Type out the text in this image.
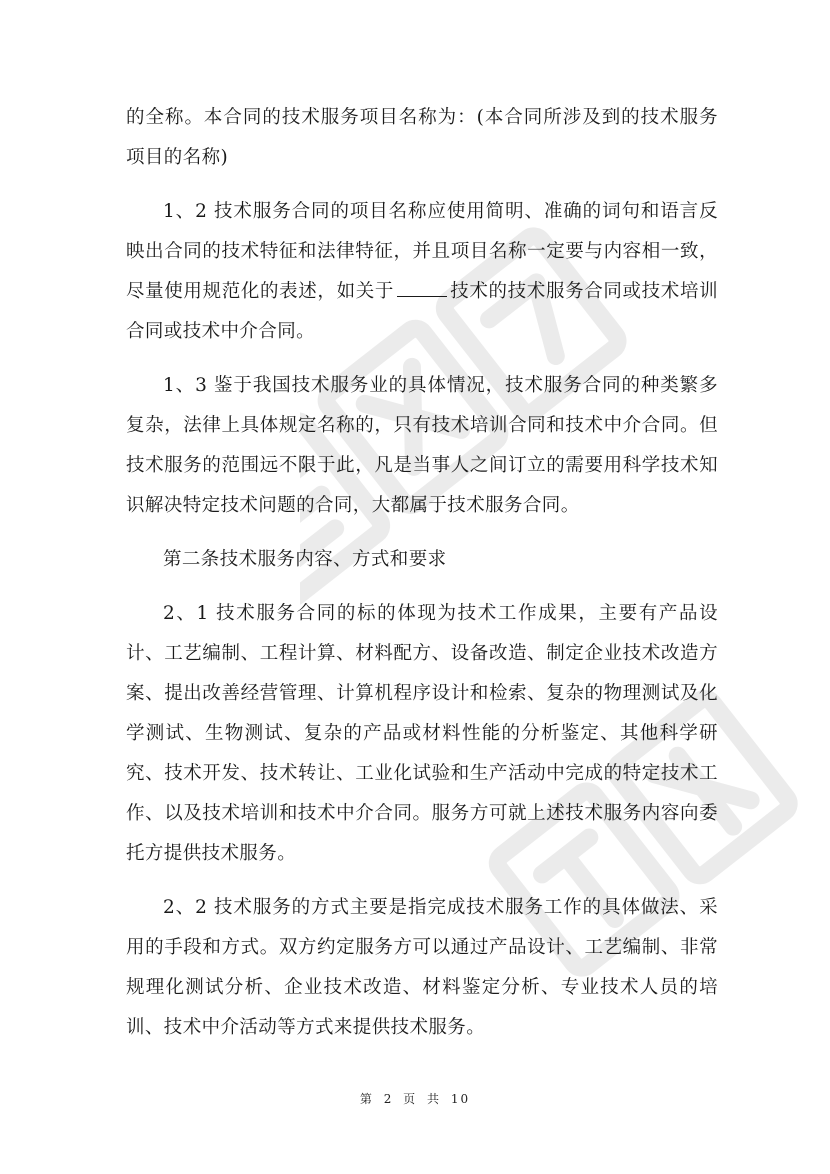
的全称。本合同的技术服务项目名称为：(本合同所涉及到的技术服务项目的名称)

1、2 技术服务合同的项目名称应使用简明、准确的词句和语言反映出合同的技术特征和法律特征，并且项目名称一定要与内容相一致，尽量使用规范化的表述，如关于	技术的技术服务合同或技术培训合同或技术中介合同。

1、3 鉴于我国技术服务业的具体情况，技术服务合同的种类繁多复杂，法律上具体规定名称的，只有技术培训合同和技术中介合同。但技术服务的范围远不限于此，凡是当事人之间订立的需要用科学技术知识解决特定技术问题的合同，大都属于技术服务合同。

第二条技术服务内容、方式和要求

2、1 技术服务合同的标的体现为技术工作成果，主要有产品设计、工艺编制、工程计算、材料配方、设备改造、制定企业技术改造方案、提出改善经营管理、计算机程序设计和检索、复杂的物理测试及化学测试、生物测试、复杂的产品或材料性能的分析鉴定、其他科学研究、技术开发、技术转让、工业化试验和生产活动中完成的特定技术工作、以及技术培训和技术中介合同。服务方可就上述技术服务内容向委托方提供技术服务。

2、2 技术服务的方式主要是指完成技术服务工作的具体做法、采用的手段和方式。双方约定服务方可以通过产品设计、工艺编制、非常规理化测试分析、企业技术改造、材料鉴定分析、专业技术人员的培训、技术中介活动等方式来提供技术服务。

第 2 页 共 10
